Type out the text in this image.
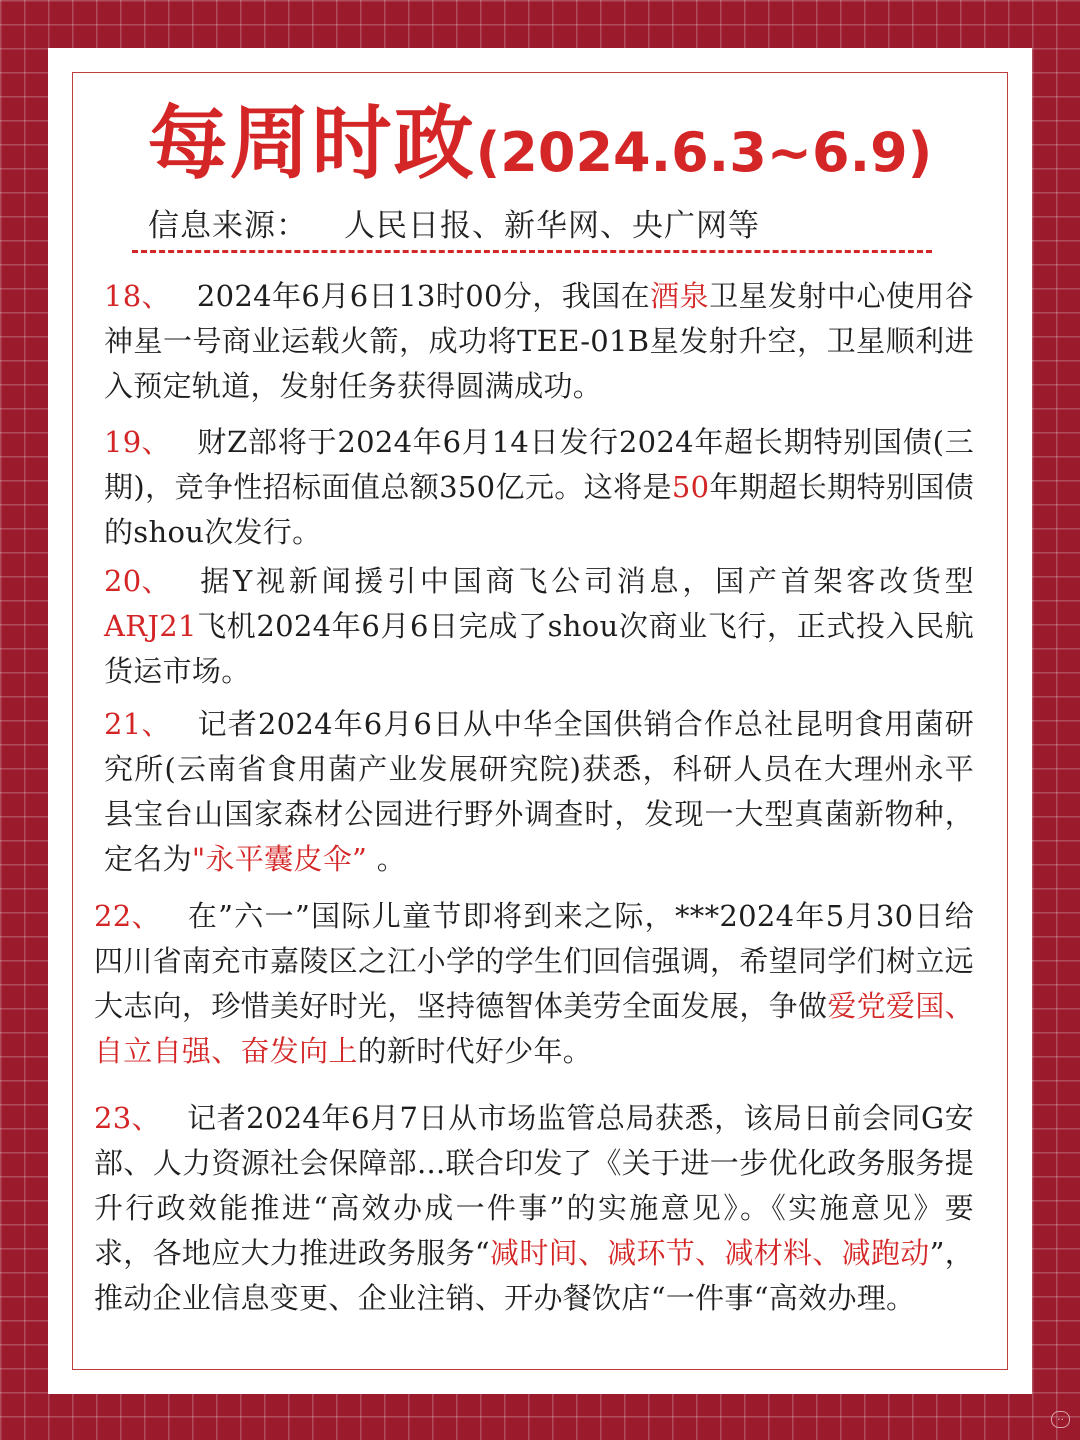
每周时政(2024.6.3~6.9)
信息来源： 人民日报、新华网、央广网等
18、 2024年6月6日13时00分，我国在酒泉卫星发射中心使用谷神星一号商业运载火箭，成功将TEE-01B星发射升空，卫星顺利进入预定轨道，发射任务获得圆满成功。
19、 财Z部将于2024年6月14日发行2024年超长期特别国债(三期)，竞争性招标面值总额350亿元。这将是50年期超长期特别国债的shou次发行。
20、 据Y视新闻援引中国商飞公司消息，国产首架客改货型ARJ21飞机2024年6月6日完成了shou次商业飞行，正式投入民航货运市场。
21、 记者2024年6月6日从中华全国供销合作总社昆明食用菌研究所(云南省食用菌产业发展研究院)获悉，科研人员在大理州永平县宝台山国家森材公园进行野外调查时，发现一大型真菌新物种，定名为"永平囊皮伞” 。
22、 在”六一”国际儿童节即将到来之际，***2024年5月30日给四川省南充市嘉陵区之江小学的学生们回信强调，希望同学们树立远大志向，珍惜美好时光，坚持德智体美劳全面发展，争做爱党爱国、自立自强、奋发向上的新时代好少年。
23、 记者2024年6月7日从市场监管总局获悉，该局日前会同G安部、人力资源社会保障部...联合印发了《关于进一步优化政务服务提升行政效能推进“高效办成一件事”的实施意见》。《实施意见》要求，各地应大力推进政务服务“减时间、减环节、减材料、减跑动”，推动企业信息变更、企业注销、开办餐饮店“一件事“高效办理。
··
